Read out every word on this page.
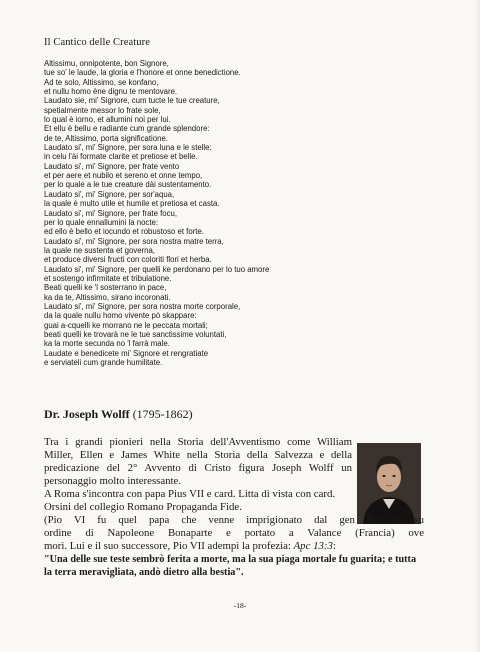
Il Cantico delle Creature
Altissimu, onnipotente, bon Signore,
tue so' le laude, la gloria e l'honore et onne benedictione.
Ad te solo, Altissimo, se konfano,
et nullu homo ène dignu te mentovare.
Laudato sie, mi' Signore, cum tucte le tue creature,
spetialmente messor lo frate sole,
lo qual è iorno, et allumini noi per lui.
Et ellu è bellu e radiante cum grande splendore:
de te, Altissimo, porta significatione.
Laudato si', mi' Signore, per sora luna e le stelle:
in celu l'ài formate clarite et pretiose et belle.
Laudato si', mi' Signore, per frate vento
et per aere et nubilo et sereno et onne tempo,
per lo quale a le tue creature dài sustentamento.
Laudato si', mi' Signore, per sor'aqua,
la quale è multo utile et humile et pretiosa et casta.
Laudato si', mi' Signore, per frate focu,
per lo quale ennallumini la nocte:
ed ello è bello et iocundo et robustoso et forte.
Laudato si', mi' Signore, per sora nostra matre terra,
la quale ne sustenta et governa,
et produce diversi fructi con coloriti flori et herba.
Laudato si', mi' Signore, per quelli ke perdonano per lo tuo amore
et sostengo infirmitate et tribulatione.
Beati quelli ke 'l sosterrano in pace,
ka da te, Altissimo, sirano incoronati.
Laudato si', mi' Signore, per sora nostra morte corporale,
da la quale nullu homo vivente pò skappare:
guai a-cquelli ke morrano ne le peccata mortali;
beati quelli ke trovarà ne le tue sanctissime voluntati,
ka la morte secunda no 'l farrà male.
Laudate e benedicete mi' Signore et rengratiate
e serviateli cum grande humilitate.
Dr. Joseph Wolff (1795-1862)
Tra i grandi pionieri nella Storia dell'Avventismo come William
Miller, Ellen e James White nella Storia della Salvezza e della
predicazione del 2° Avvento di Cristo figura Joseph Wolff un
personaggio molto interessante.
A Roma s'incontra con papa Pius VII e card. Litta di vista con card.
Orsini del collegio Romano Propaganda Fide.
(Pio VI fu quel papa che venne imprigionato dal gen Berthier su
ordine di Napoleone Bonaparte e portato a Valance (Francia) ove
morì. Lui e il suo successore, Pio VII adempì la profezia: Apc 13:3:
"Una delle sue teste sembrò ferita a morte, ma la sua piaga mortale fu guarita; e tutta
la terra meravigliata, andò dietro alla bestia".
-18-
